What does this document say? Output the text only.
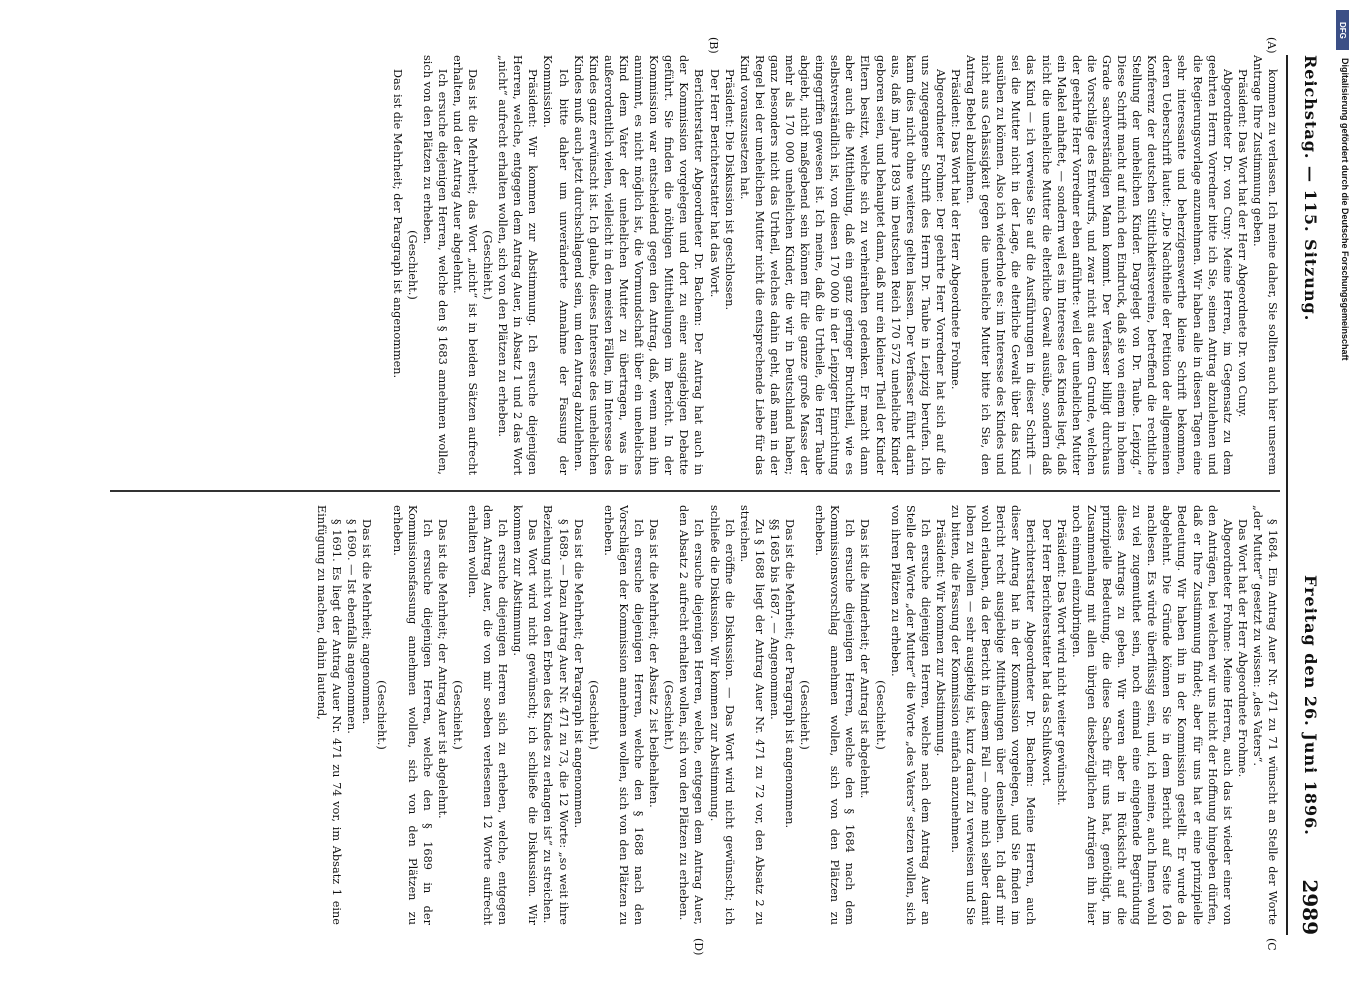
Reichstag. — 115. Sitzung.
Freitag den 26. Juni 1896.
2989

kommen zu verlassen. Ich meine daher, Sie sollten auch hier unserem Antrage Ihre Zustimmung geben.

Präsident: Das Wort hat der Herr Abgeordnete Dr. von Cuny.

Abgeordneter Dr. von Cuny: Meine Herren, im Gegensatz zu dem geehrten Herrn Vorredner bitte ich Sie, seinen Antrag abzulehnen und die Regierungsvorlage anzunehmen. Wir haben alle in diesen Tagen eine sehr interessante und beherzigenswerthe kleine Schrift bekommen, deren Ueberschrift lautet: „Die Nachtheile der Petition der allgemeinen Konferenz der deutschen Sittlichkeitsvereine, betreffend die rechtliche Stellung der unehelichen Kinder. Dargelegt von Dr. Taube. Leipzig.“ Diese Schrift macht auf mich den Eindruck, daß sie von einem in hohem Grade sachverständigen Mann kommt. Der Verfasser billigt durchaus die Vorschläge des Entwurfs, und zwar nicht aus dem Grunde, welchen der geehrte Herr Vorredner eben anführte: weil der unehelichen Mutter ein Makel anhaftet, — sondern weil es im Interesse des Kindes liegt, daß nicht die uneheliche Mutter die elterliche Gewalt ausübe, sondern daß das Kind — ich verweise Sie auf die Ausführungen in dieser Schrift — sei die Mutter nicht in der Lage, die elterliche Gewalt über das Kind ausüben zu können. Also ich wiederhole es: im Interesse des Kindes und nicht aus Gehässigkeit gegen die uneheliche Mutter bitte ich Sie, den Antrag Bebel abzulehnen.

Präsident: Das Wort hat der Herr Abgeordnete Frohme.

Abgeordneter Frohme: Der geehrte Herr Vorredner hat sich auf die uns zugegangene Schrift des Herrn Dr. Taube in Leipzig berufen. Ich kann dies nicht ohne weiteres gelten lassen. Der Verfasser führt darin aus, daß im Jahre 1893 im Deutschen Reich 170 572 uneheliche Kinder geboren seien, und behauptet dann, daß nur ein kleiner Theil der Kinder Eltern besitzt, welche sich zu verheirathen gedenken. Er macht dann aber auch die Mittheilung, daß ein ganz geringer Bruchtheil, wie es selbstverständlich ist, von diesen 170 000 in der Leipziger Einrichtung eingegriffen gewesen ist. Ich meine, daß die Urtheile, die Herr Taube abgiebt, nicht maßgebend sein können für die ganze große Masse der mehr als 170 000 unehelichen Kinder, die wir in Deutschland haben; ganz besonders nicht das Urtheil, welches dahin geht, daß man in der Regel bei der unehelichen Mutter nicht die entsprechende Liebe für das Kind vorauszusetzen hat.

Präsident: Die Diskussion ist geschlossen.

Der Herr Berichterstatter hat das Wort.

Berichterstatter Abgeordneter Dr. Bachem: Der Antrag hat auch in der Kommission vorgelegen und dort zu einer ausgiebigen Debatte geführt. Sie finden die nöthigen Mittheilungen im Bericht. In der Kommission war entscheidend gegen den Antrag, daß, wenn man ihn annimmt, es nicht möglich ist, die Vormundschaft über ein uneheliches Kind dem Vater der unehelichen Mutter zu übertragen, was in außerordentlich vielen, vielleicht in den meisten Fällen, im Interesse des Kindes ganz erwünscht ist. Ich glaube, dieses Interesse des unehelichen Kindes muß auch jetzt durchschlagend sein, um den Antrag abzulehnen.

Ich bitte daher um unveränderte Annahme der Fassung der Kommission.

Präsident: Wir kommen zur Abstimmung. Ich ersuche diejenigen Herren, welche, entgegen dem Antrag Auer, in Absatz 1 und 2 das Wort „nicht“ aufrecht erhalten wollen, sich von den Plätzen zu erheben.

(Geschieht.)

Das ist die Mehrheit; das Wort „nicht“ ist in beiden Sätzen aufrecht erhalten, und der Antrag Auer abgelehnt.

Ich ersuche diejenigen Herren, welche den § 1683 annehmen wollen, sich von den Plätzen zu erheben.

(Geschieht.)

Das ist die Mehrheit; der Paragraph ist angenommen.

§ 1684. Ein Antrag Auer Nr. 471 zu 71 wünscht an Stelle der Worte „der Mutter“ gesetzt zu wissen: „des Vaters“.

Das Wort hat der Herr Abgeordnete Frohme.

Abgeordneter Frohme: Meine Herren, auch das ist wieder einer von den Anträgen, bei welchen wir uns nicht der Hoffnung hingeben dürfen, daß er Ihre Zustimmung findet; aber für uns hat er eine prinzipielle Bedeutung. Wir haben ihn in der Kommission gestellt. Er wurde da abgelehnt. Die Gründe können Sie in dem Bericht auf Seite 160 nachlesen. Es würde überflüssig sein, und, ich meine, auch Ihnen wohl zu viel zugemuthet sein, noch einmal eine eingehende Begründung dieses Antrags zu geben. Wir waren aber in Rücksicht auf die prinzipielle Bedeutung, die diese Sache für uns hat, genöthigt, im Zusammenhang mit allen übrigen diesbezüglichen Anträgen ihn hier noch einmal einzubringen.

Präsident: Das Wort wird nicht weiter gewünscht.

Der Herr Berichterstatter hat das Schlußwort.

Berichterstatter Abgeordneter Dr. Bachem: Meine Herren, auch dieser Antrag hat in der Kommission vorgelegen, und Sie finden im Bericht recht ausgiebige Mittheilungen über denselben. Ich darf mir wohl erlauben, da der Bericht in diesem Fall — ohne mich selber damit loben zu wollen — sehr ausgiebig ist, kurz darauf zu verweisen und Sie zu bitten, die Fassung der Kommission einfach anzunehmen.

Präsident: Wir kommen zur Abstimmung.

Ich ersuche diejenigen Herren, welche nach dem Antrag Auer an Stelle der Worte „der Mutter“ die Worte „des Vaters“ setzen wollen, sich von ihren Plätzen zu erheben.

(Geschieht.)

Das ist die Minderheit; der Antrag ist abgelehnt.

Ich ersuche diejenigen Herren, welche den § 1684 nach dem Kommissionsvorschlag annehmen wollen, sich von den Plätzen zu erheben.

(Geschieht.)

Das ist die Mehrheit; der Paragraph ist angenommen.

§§ 1685 bis 1687. — Angenommen.

Zu § 1688 liegt der Antrag Auer Nr. 471 zu 72 vor, den Absatz 2 zu streichen.

Ich eröffne die Diskussion. — Das Wort wird nicht gewünscht; ich schließe die Diskussion. Wir kommen zur Abstimmung.

Ich ersuche diejenigen Herren, welche, entgegen dem Antrag Auer, den Absatz 2 aufrecht erhalten wollen, sich von den Plätzen zu erheben.

(Geschieht.)

Das ist die Mehrheit; der Absatz 2 ist beibehalten.

Ich ersuche diejenigen Herren, welche den § 1688 nach den Vorschlägen der Kommission annehmen wollen, sich von den Plätzen zu erheben.

(Geschieht.)

Das ist die Mehrheit; der Paragraph ist angenommen.

§ 1689. — Dazu Antrag Auer Nr. 471 zu 73, die 12 Worte: „so weit ihre Beziehung nicht von den Erben des Kindes zu erlangen ist“ zu streichen.

Das Wort wird nicht gewünscht; ich schließe die Diskussion. Wir kommen zur Abstimmung.

Ich ersuche diejenigen Herren sich zu erheben, welche, entgegen dem Antrag Auer, die von mir soeben verlesenen 12 Worte aufrecht erhalten wollen.

(Geschieht.)

Das ist die Mehrheit; der Antrag Auer ist abgelehnt.

Ich ersuche diejenigen Herren, welche den § 1689 in der Kommissionsfassung annehmen wollen, sich von den Plätzen zu erheben.

(Geschieht.)

Das ist die Mehrheit; angenommen.

§ 1690. — Ist ebenfalls angenommen.

§ 1691. Es liegt der Antrag Auer Nr. 471 zu 74 vor, im Absatz 1 eine Einfügung zu machen, dahin lautend,

(A)
(B)
(C
(D)
DFG
Digitalisierung gefördert durch die Deutsche Forschungsgemeinschaft
